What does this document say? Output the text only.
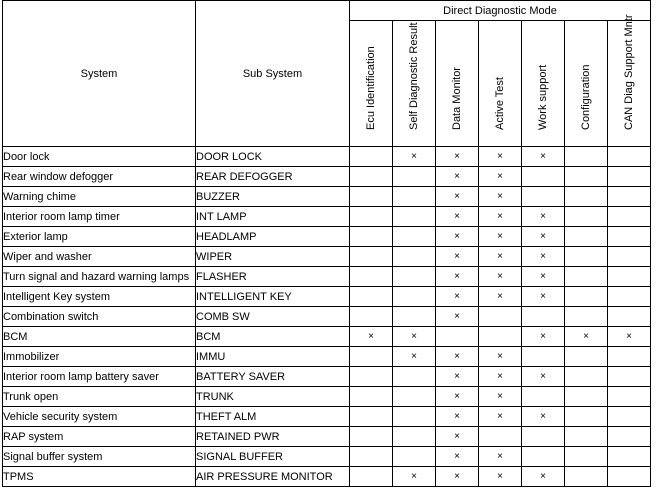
System	Sub System	Direct Diagnostic Mode						

		Ecu Identification	Self Diagnostic Result	Data Monitor	Active Test	Work support	Configuration	CAN Diag Support Mntr

Door lock	DOOR LOCK		×	×	×	×		
Rear window defogger	REAR DEFOGGER			×	×			
Warning chime	BUZZER			×	×			
Interior room lamp timer	INT LAMP			×	×	×		
Exterior lamp	HEADLAMP			×	×	×		
Wiper and washer	WIPER			×	×	×		
Turn signal and hazard warning lamps	FLASHER			×	×	×		
Intelligent Key system	INTELLIGENT KEY			×	×	×		
Combination switch	COMB SW			×				
BCM	BCM	×	×			×	×	×
Immobilizer	IMMU		×	×	×			
Interior room lamp battery saver	BATTERY SAVER			×	×	×		
Trunk open	TRUNK			×	×			
Vehicle security system	THEFT ALM			×	×	×		
RAP system	RETAINED PWR			×				
Signal buffer system	SIGNAL BUFFER			×	×			
TPMS	AIR PRESSURE MONITOR		×	×	×	×		
